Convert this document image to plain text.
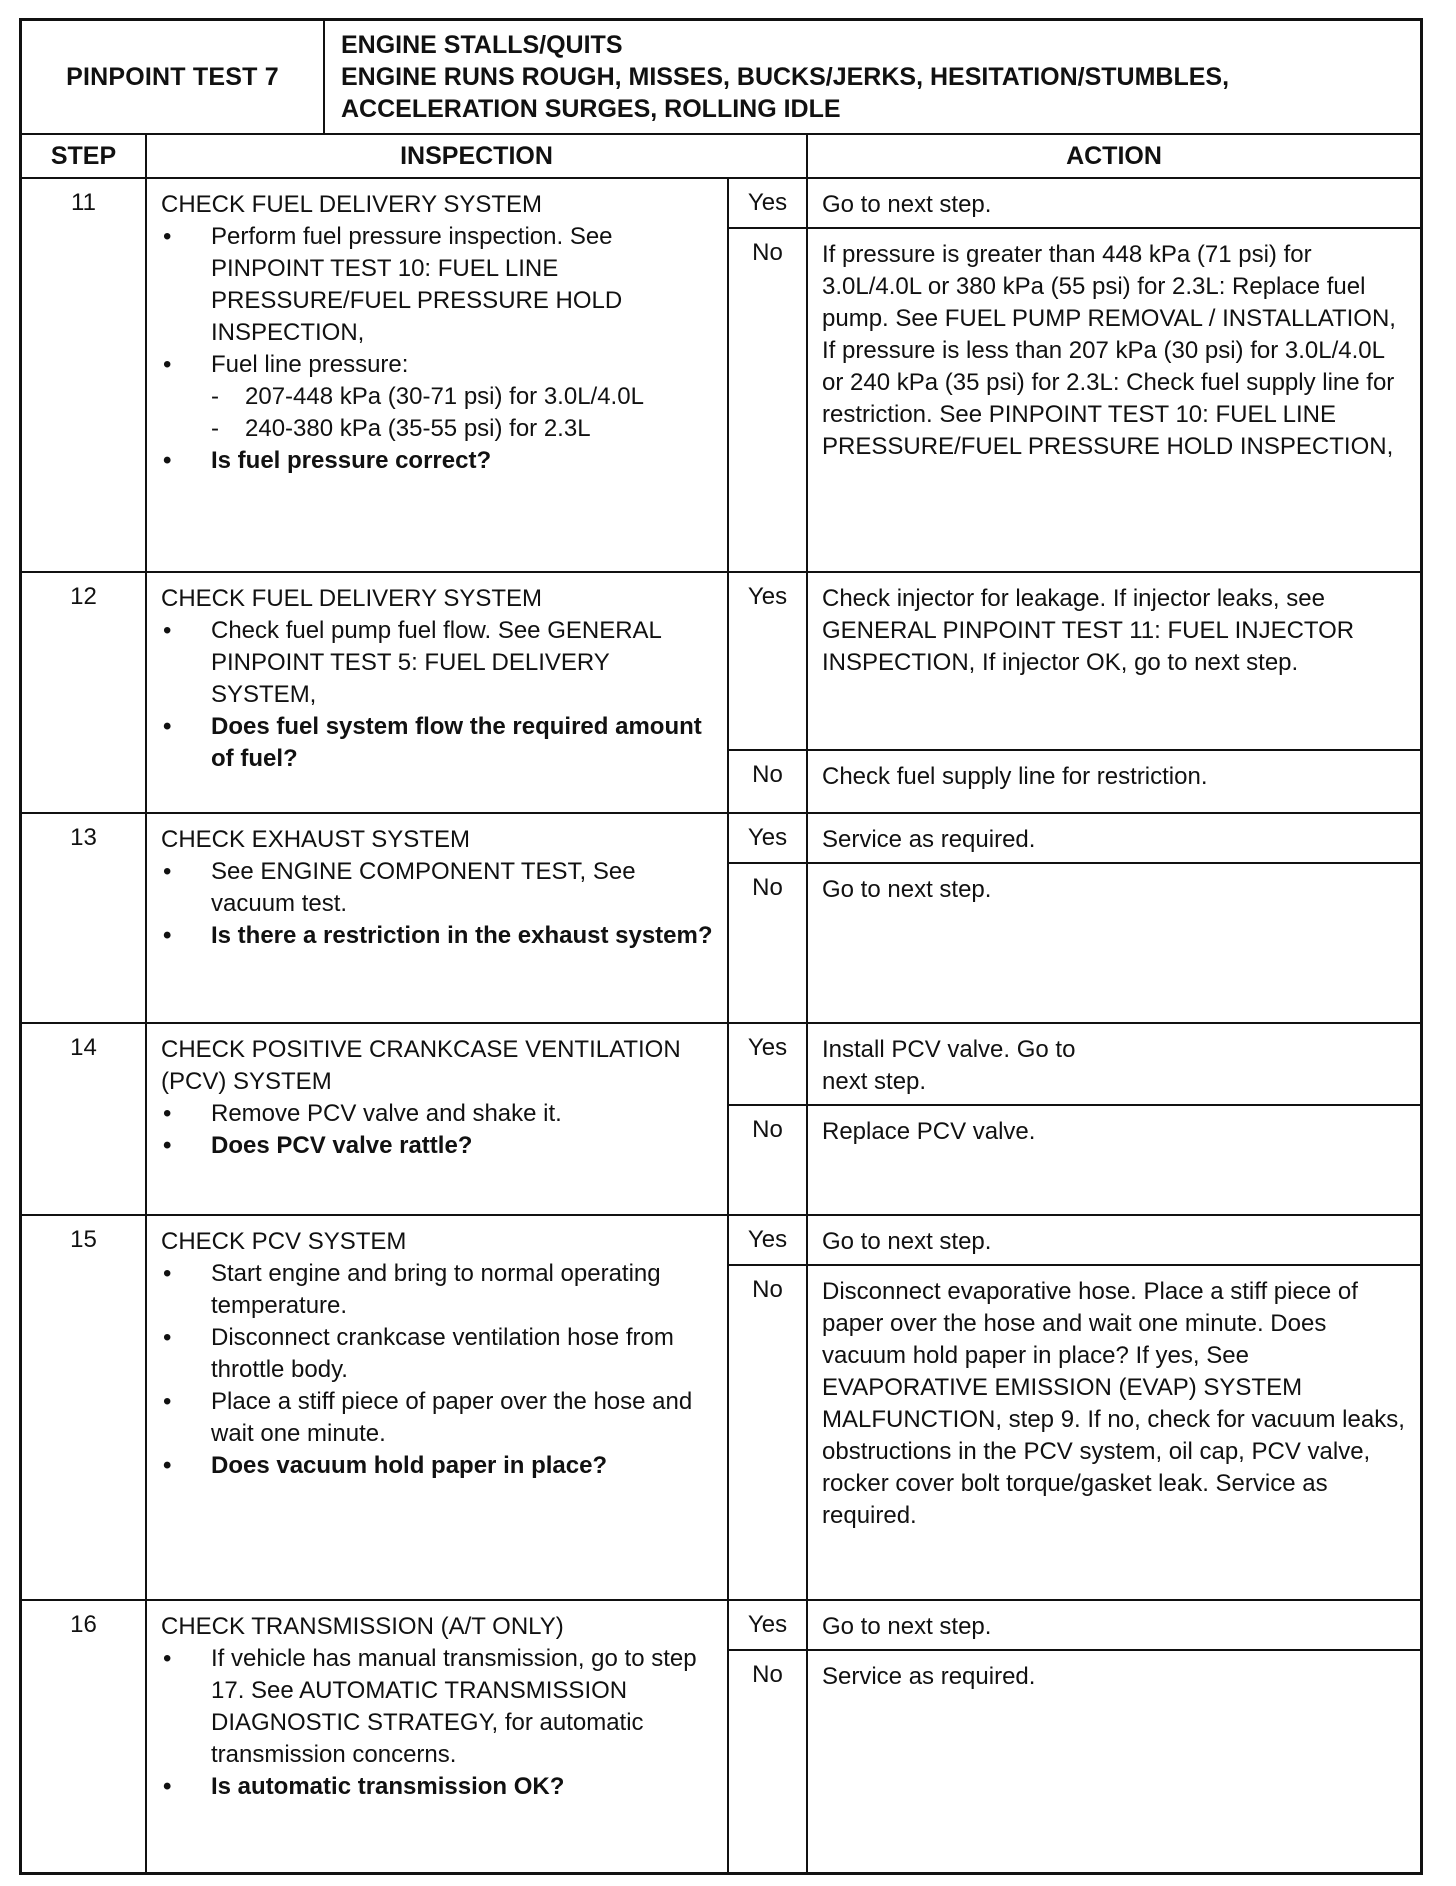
PINPOINT TEST 7
ENGINE STALLS/QUITS
ENGINE RUNS ROUGH, MISSES, BUCKS/JERKS, HESITATION/STUMBLES,
ACCELERATION SURGES, ROLLING IDLE
STEP	INSPECTION	ACTION
11	CHECK FUEL DELIVERY SYSTEM
•	Perform fuel pressure inspection. See PINPOINT TEST 10: FUEL LINE PRESSURE/FUEL PRESSURE HOLD INSPECTION,
•	Fuel line pressure:
- 207-448 kPa (30-71 psi) for 3.0L/4.0L
- 240-380 kPa (35-55 psi) for 2.3L
•	Is fuel pressure correct?
Yes	Go to next step.
No	If pressure is greater than 448 kPa (71 psi) for 3.0L/4.0L or 380 kPa (55 psi) for 2.3L: Replace fuel pump. See FUEL PUMP REMOVAL / INSTALLATION, If pressure is less than 207 kPa (30 psi) for 3.0L/4.0L or 240 kPa (35 psi) for 2.3L: Check fuel supply line for restriction. See PINPOINT TEST 10: FUEL LINE PRESSURE/FUEL PRESSURE HOLD INSPECTION,
12	CHECK FUEL DELIVERY SYSTEM
•	Check fuel pump fuel flow. See GENERAL PINPOINT TEST 5: FUEL DELIVERY SYSTEM,
•	Does fuel system flow the required amount of fuel?
Yes	Check injector for leakage. If injector leaks, see GENERAL PINPOINT TEST 11: FUEL INJECTOR INSPECTION, If injector OK, go to next step.
No	Check fuel supply line for restriction.
13	CHECK EXHAUST SYSTEM
•	See ENGINE COMPONENT TEST, See vacuum test.
•	Is there a restriction in the exhaust system?
Yes	Service as required.
No	Go to next step.
14	CHECK POSITIVE CRANKCASE VENTILATION (PCV) SYSTEM
•	Remove PCV valve and shake it.
•	Does PCV valve rattle?
Yes	Install PCV valve. Go to next step.
No	Replace PCV valve.
15	CHECK PCV SYSTEM
•	Start engine and bring to normal operating temperature.
•	Disconnect crankcase ventilation hose from throttle body.
•	Place a stiff piece of paper over the hose and wait one minute.
•	Does vacuum hold paper in place?
Yes	Go to next step.
No	Disconnect evaporative hose. Place a stiff piece of paper over the hose and wait one minute. Does vacuum hold paper in place? If yes, See EVAPORATIVE EMISSION (EVAP) SYSTEM MALFUNCTION, step 9. If no, check for vacuum leaks, obstructions in the PCV system, oil cap, PCV valve, rocker cover bolt torque/gasket leak. Service as required.
16	CHECK TRANSMISSION (A/T ONLY)
•	If vehicle has manual transmission, go to step 17. See AUTOMATIC TRANSMISSION DIAGNOSTIC STRATEGY, for automatic transmission concerns.
•	Is automatic transmission OK?
Yes	Go to next step.
No	Service as required.
